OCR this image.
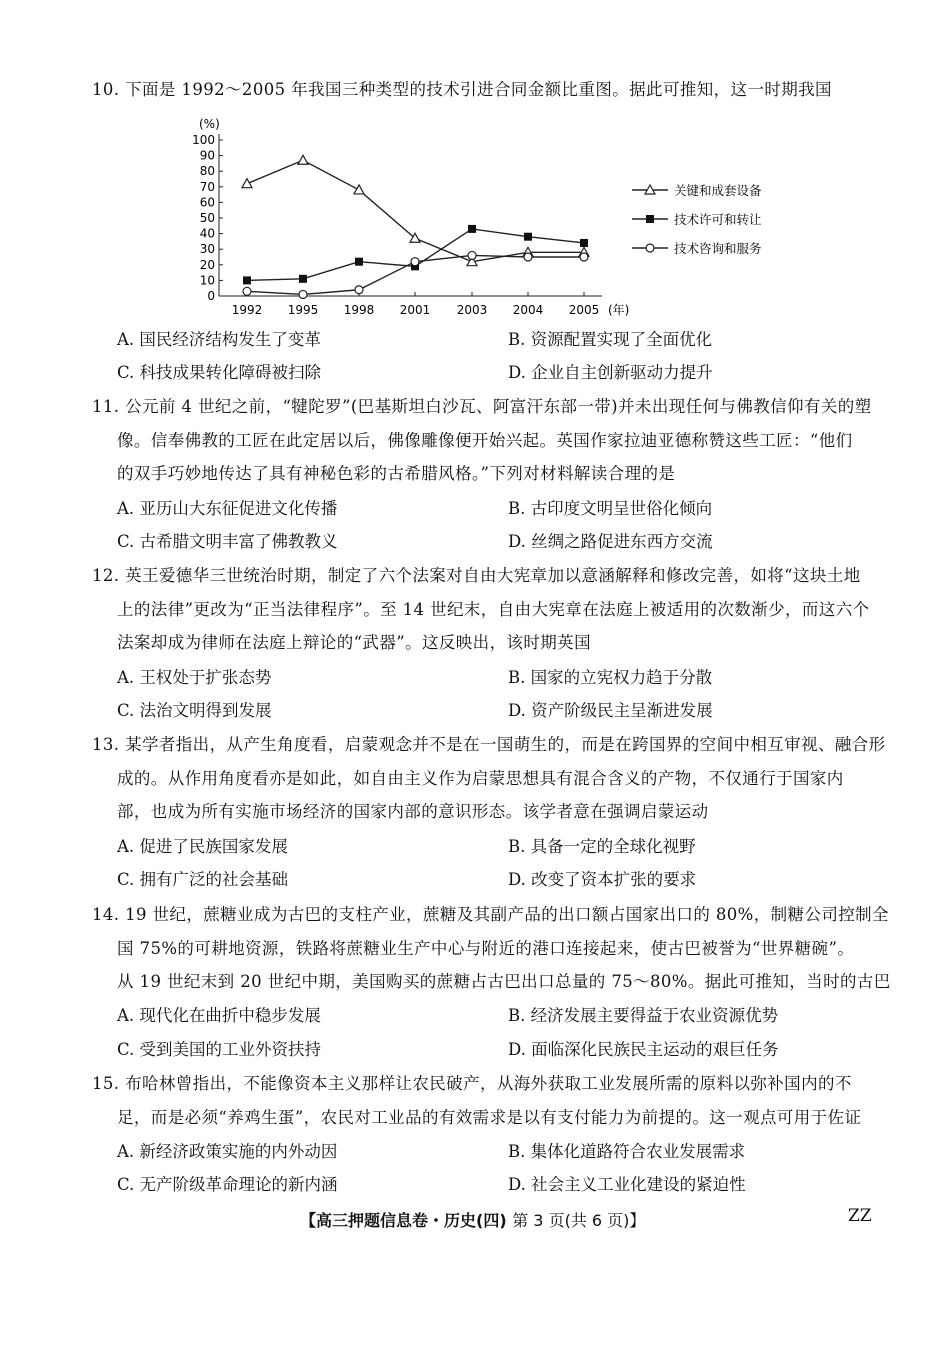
10. 下面是 1992～2005 年我国三种类型的技术引进合同金额比重图。据此可推知，这一时期我国
(%)
0
10
20
30
40
50
60
70
80
90
100
1992 1995 1998 2001 2003 2004 2005
关键和成套设备
技术许可和转让
技术咨询和服务
(年)
A. 国民经济结构发生了变革	B. 资源配置实现了全面优化
C. 科技成果转化障碍被扫除	D. 企业自主创新驱动力提升
11. 公元前 4 世纪之前，“犍陀罗”(巴基斯坦白沙瓦、阿富汗东部一带)并未出现任何与佛教信仰有关的塑
像。信奉佛教的工匠在此定居以后，佛像雕像便开始兴起。英国作家拉迪亚德称赞这些工匠：“他们
的双手巧妙地传达了具有神秘色彩的古希腊风格。”下列对材料解读合理的是
A. 亚历山大东征促进文化传播	B. 古印度文明呈世俗化倾向
C. 古希腊文明丰富了佛教教义	D. 丝绸之路促进东西方交流
12. 英王爱德华三世统治时期，制定了六个法案对自由大宪章加以意涵解释和修改完善，如将“这块土地
上的法律”更改为“正当法律程序”。至 14 世纪末，自由大宪章在法庭上被适用的次数渐少，而这六个
法案却成为律师在法庭上辩论的“武器”。这反映出，该时期英国
A. 王权处于扩张态势	B. 国家的立宪权力趋于分散
C. 法治文明得到发展	D. 资产阶级民主呈渐进发展
13. 某学者指出，从产生角度看，启蒙观念并不是在一国萌生的，而是在跨国界的空间中相互审视、融合形
成的。从作用角度看亦是如此，如自由主义作为启蒙思想具有混合含义的产物，不仅通行于国家内
部，也成为所有实施市场经济的国家内部的意识形态。该学者意在强调启蒙运动
A. 促进了民族国家发展	B. 具备一定的全球化视野
C. 拥有广泛的社会基础	D. 改变了资本扩张的要求
14. 19 世纪，蔗糖业成为古巴的支柱产业，蔗糖及其副产品的出口额占国家出口的 80%，制糖公司控制全
国 75%的可耕地资源，铁路将蔗糖业生产中心与附近的港口连接起来，使古巴被誉为“世界糖碗”。
从 19 世纪末到 20 世纪中期，美国购买的蔗糖占古巴出口总量的 75～80%。据此可推知，当时的古巴
A. 现代化在曲折中稳步发展	B. 经济发展主要得益于农业资源优势
C. 受到美国的工业外资扶持	D. 面临深化民族民主运动的艰巨任务
15. 布哈林曾指出，不能像资本主义那样让农民破产，从海外获取工业发展所需的原料以弥补国内的不
足，而是必须“养鸡生蛋”，农民对工业品的有效需求是以有支付能力为前提的。这一观点可用于佐证
A. 新经济政策实施的内外动因	B. 集体化道路符合农业发展需求
C. 无产阶级革命理论的新内涵	D. 社会主义工业化建设的紧迫性
【高三押题信息卷・历史(四) 第 3 页(共 6 页)】	ZZ
